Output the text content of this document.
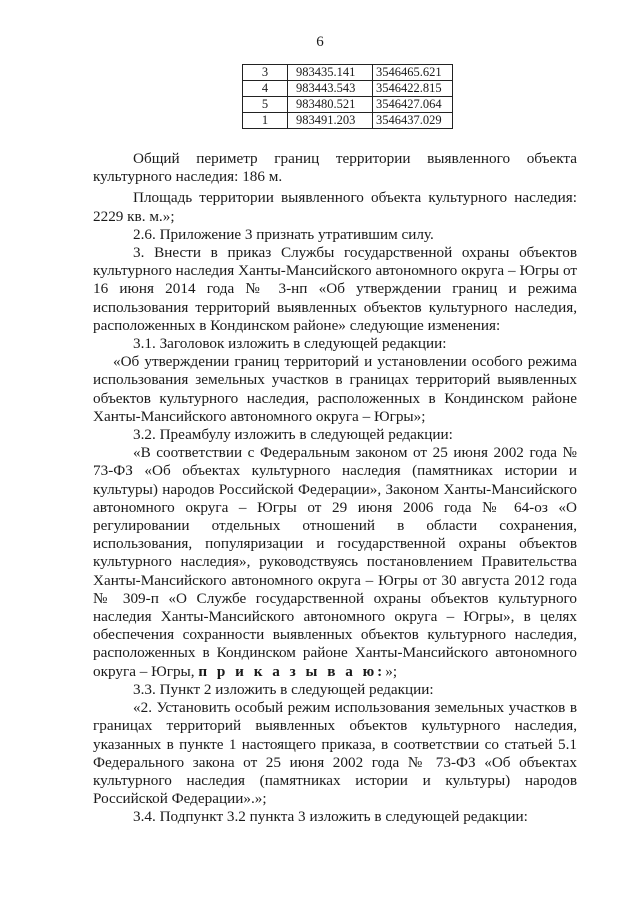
6
3	983435.141	3546465.621
4	983443.543	3546422.815
5	983480.521	3546427.064
1	983491.203	3546437.029

Общий периметр границ территории выявленного объекта культурного наследия: 186 м.

Площадь территории выявленного объекта культурного наследия: 2229 кв. м.»;

2.6. Приложение 3 признать утратившим силу.

3. Внести в приказ Службы государственной охраны объектов культурного наследия Ханты-Мансийского автономного округа – Югры от 16 июня 2014 года № 3-нп «Об утверждении границ и режима использования территорий выявленных объектов культурного наследия, расположенных в Кондинском районе» следующие изменения:

3.1. Заголовок изложить в следующей редакции:

«Об утверждении границ территорий и установлении особого режима использования земельных участков в границах территорий выявленных объектов культурного наследия, расположенных в Кондинском районе Ханты-Мансийского автономного округа – Югры»;

3.2. Преамбулу изложить в следующей редакции:

«В соответствии с Федеральным законом от 25 июня 2002 года № 73-ФЗ «Об объектах культурного наследия (памятниках истории и культуры) народов Российской Федерации», Законом Ханты-Мансийского автономного округа – Югры от 29 июня 2006 года № 64-оз «О регулировании отдельных отношений в области сохранения, использования, популяризации и государственной охраны объектов культурного наследия», руководствуясь постановлением Правительства Ханты-Мансийского автономного округа – Югры от 30 августа 2012 года № 309-п «О Службе государственной охраны объектов культурного наследия Ханты-Мансийского автономного округа – Югры», в целях обеспечения сохранности выявленных объектов культурного наследия, расположенных в Кондинском районе Ханты-Мансийского автономного округа – Югры, п р и к а з ы в а ю:»;

3.3. Пункт 2 изложить в следующей редакции:

«2. Установить особый режим использования земельных участков в границах территорий выявленных объектов культурного наследия, указанных в пункте 1 настоящего приказа, в соответствии со статьей 5.1 Федерального закона от 25 июня 2002 года № 73-ФЗ «Об объектах культурного наследия (памятниках истории и культуры) народов Российской Федерации».»;

3.4. Подпункт 3.2 пункта 3 изложить в следующей редакции:
